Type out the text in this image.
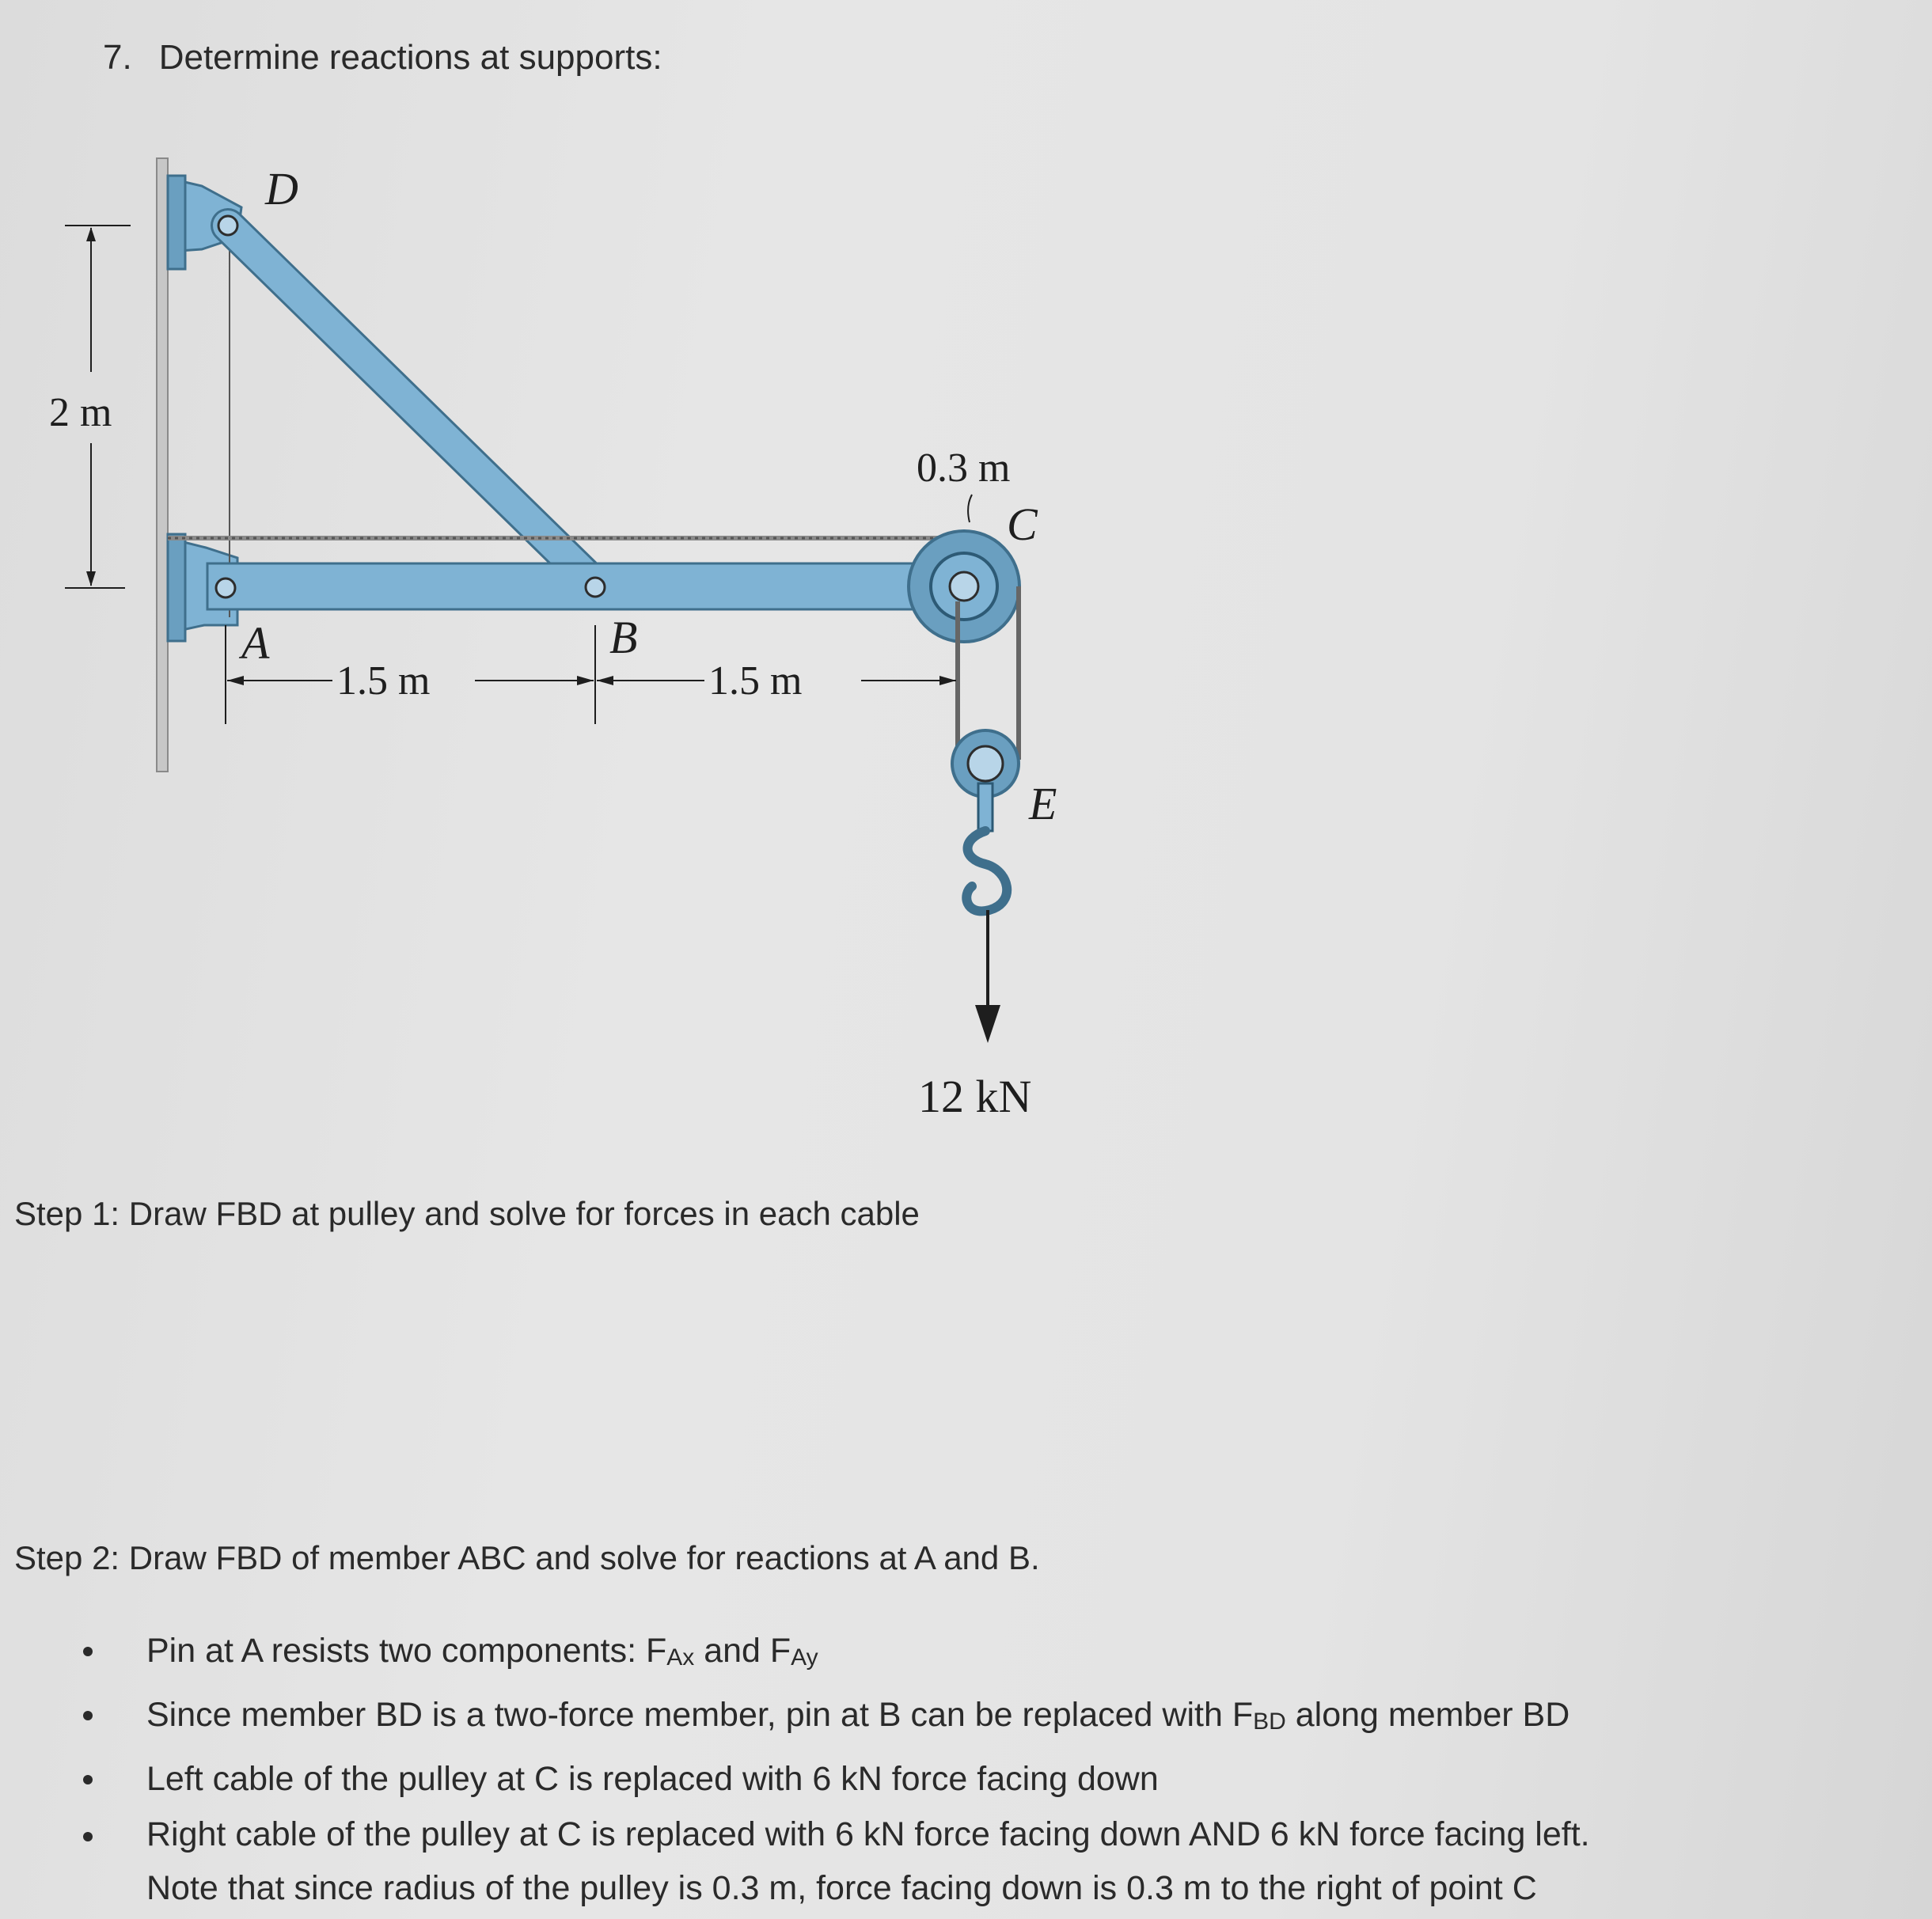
7. Determine reactions at supports:
2 m
1.5 m	1.5 m
0.3 m
D
A	B
C
E
12 kN
Step 1: Draw FBD at pulley and solve for forces in each cable
Step 2: Draw FBD of member ABC and solve for reactions at A and B.
Pin at A resists two components: FAx and FAy
Since member BD is a two-force member, pin at B can be replaced with FBD along member BD
Left cable of the pulley at C is replaced with 6 kN force facing down
Right cable of the pulley at C is replaced with 6 kN force facing down AND 6 kN force facing left.
Note that since radius of the pulley is 0.3 m, force facing down is 0.3 m to the right of point C
